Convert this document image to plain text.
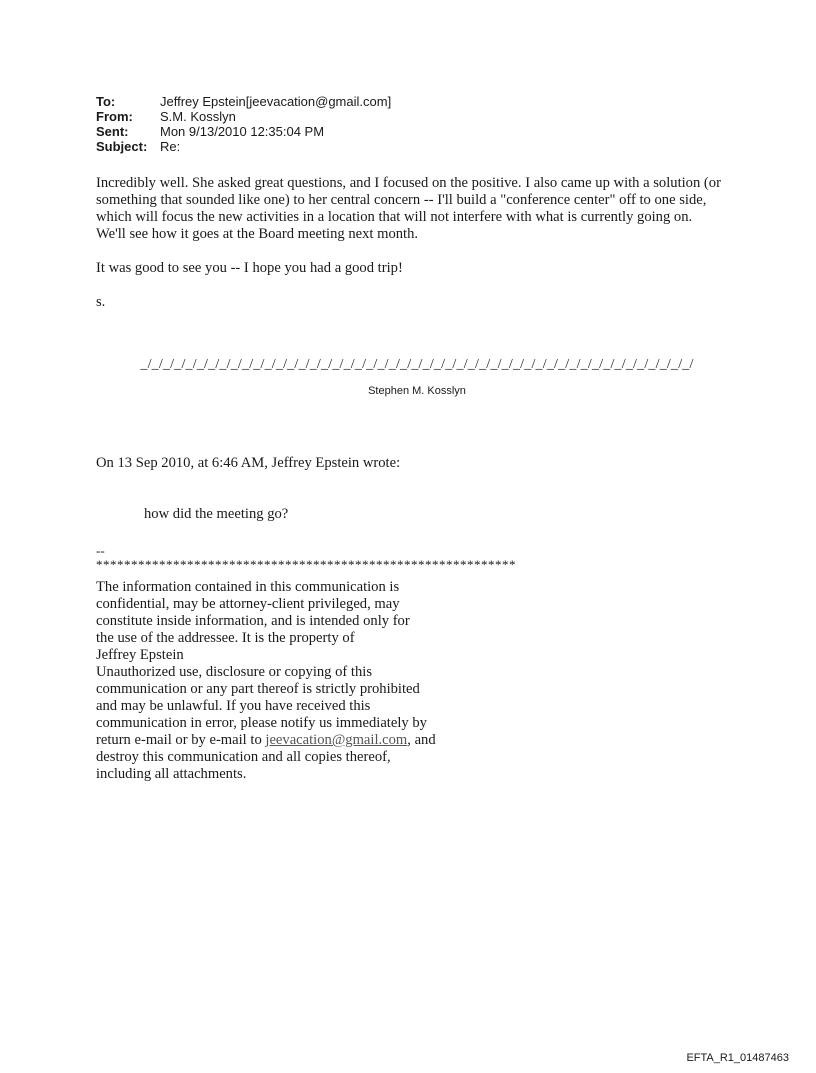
To:	Jeffrey Epstein[jeevacation@gmail.com]
From:	S.M. Kosslyn
Sent:	Mon 9/13/2010 12:35:04 PM
Subject: Re:

Incredibly well. She asked great questions, and I focused on the positive. I also came up with a solution (or something that sounded like one) to her central concern -- I'll build a "conference center" off to one side, which will focus the new activities in a location that will not interfere with what is currently going on.

We'll see how it goes at the Board meeting next month.

It was good to see you -- I hope you had a good trip!

s.

_/_/_/_/_/_/_/_/_/_/_/_/_/_/_/_/_/_/_/_/_/_/_/_/_/_/_/_/_/_/_/_/_/_/_/_/_/_/_/_/_/_/_/_/_/_/_/_/_/
Stephen M. Kosslyn
On 13 Sep 2010, at 6:46 AM, Jeffrey Epstein wrote:
how did the meeting go?
--
************************************************************
The information contained in this communication is
confidential, may be attorney-client privileged, may
constitute inside information, and is intended only for
the use of the addressee. It is the property of
Jeffrey Epstein
Unauthorized use, disclosure or copying of this
communication or any part thereof is strictly prohibited
and may be unlawful. If you have received this
communication in error, please notify us immediately by
return e-mail or by e-mail to jeevacation@gmail.com, and
destroy this communication and all copies thereof,
including all attachments.
EFTA_R1_01487463
